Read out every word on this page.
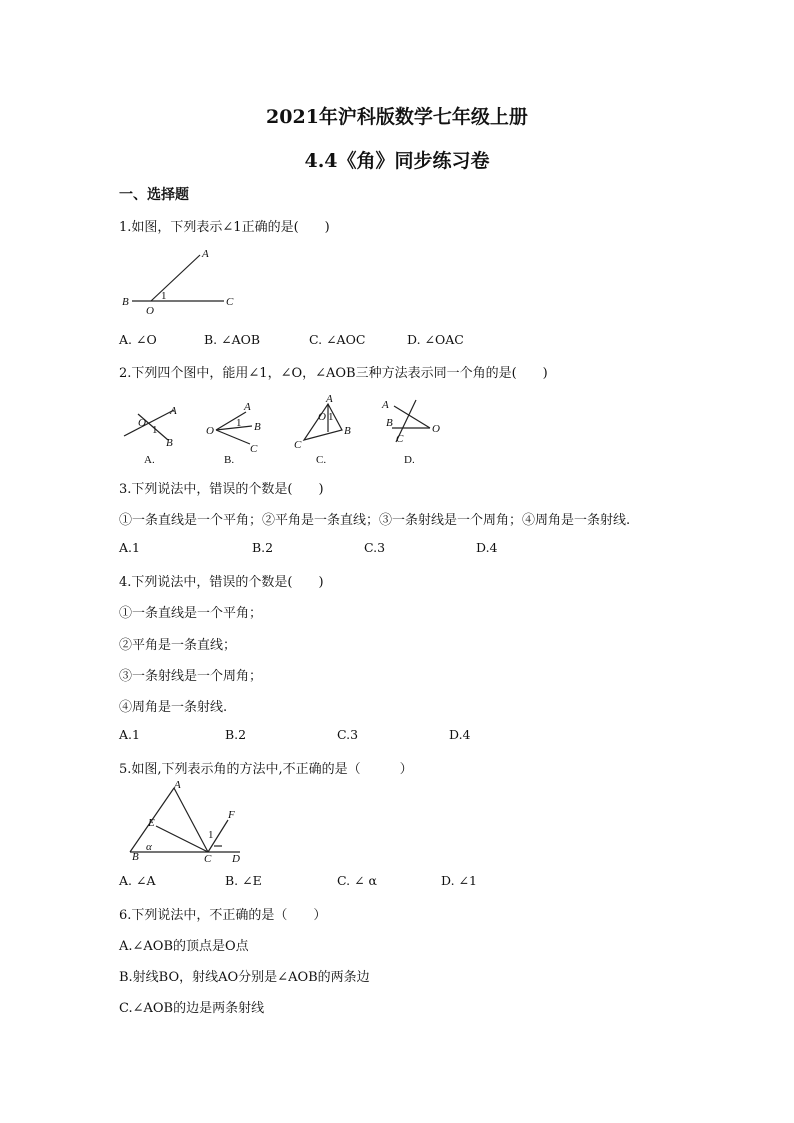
2021年沪科版数学七年级上册
4.4《角》同步练习卷
一、选择题
1.如图，下列表示∠1正确的是(　　)
A
B
O
C
1
A. ∠O	B. ∠AOB	C. ∠AOC	D. ∠OAC
2.下列四个图中，能用∠1，∠O，∠AOB三种方法表示同一个角的是(　　)
O
A
B
1
A.
O
A
B
C
1
B.
A
O 1
B
C
C.
A
B
C
O
D.
3.下列说法中，错误的个数是(　　)
①一条直线是一个平角；②平角是一条直线；③一条射线是一个周角；④周角是一条射线.
A.1	B.2	C.3	D.4
4.下列说法中，错误的个数是(　　)
①一条直线是一个平角；
②平角是一条直线；
③一条射线是一个周角；
④周角是一条射线.
A.1	B.2	C.3	D.4
5.如图,下列表示角的方法中,不正确的是（　　　）
A
E
F
B	C D
1
α
A. ∠A	B. ∠E	C. ∠ α	D. ∠1
6.下列说法中，不正确的是（　　）
A.∠AOB的顶点是O点
B.射线BO，射线AO分别是∠AOB的两条边
C.∠AOB的边是两条射线
